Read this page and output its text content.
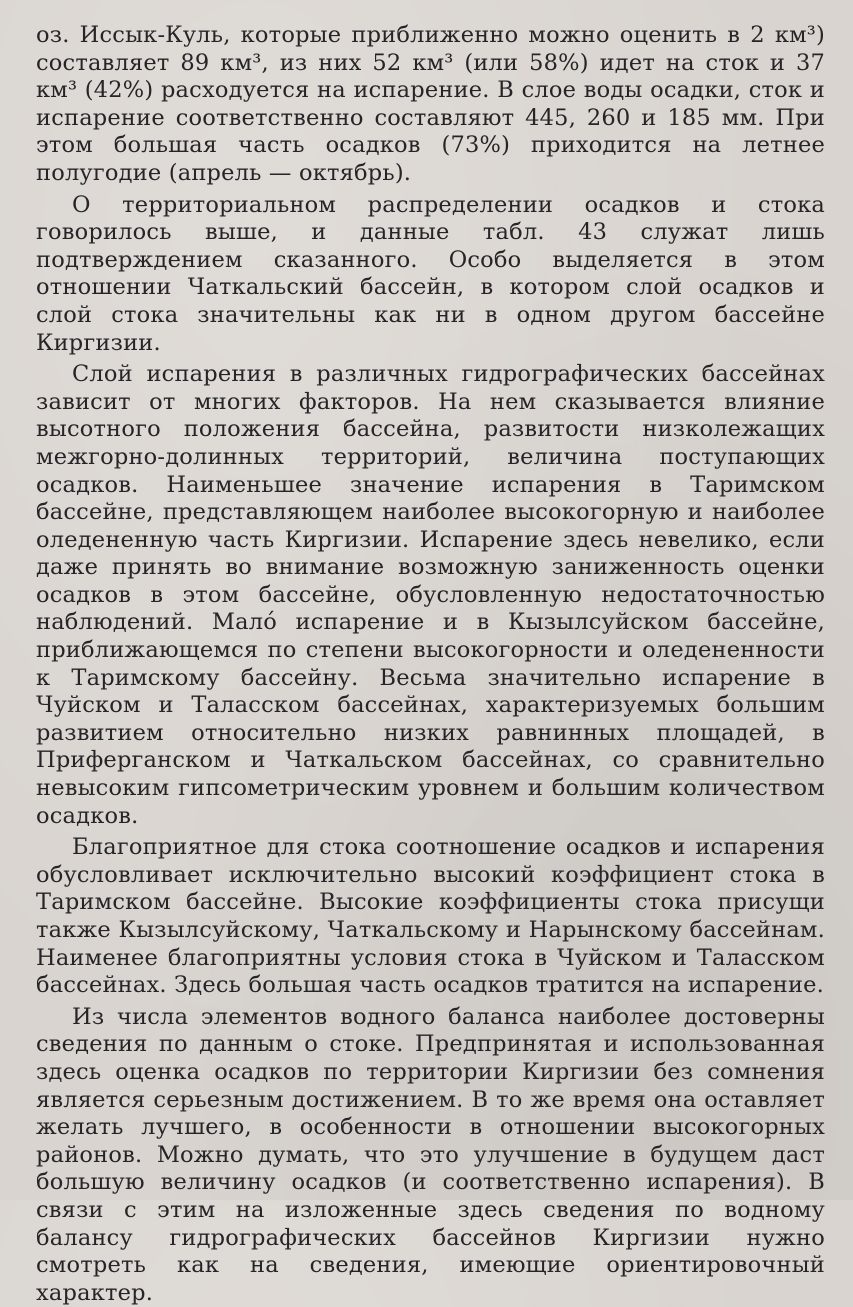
оз. Иссык-Куль, которые приближенно можно оценить в 2 км³) составляет 89 км³, из них 52 км³ (или 58%) идет на сток и 37 км³ (42%) расходуется на испарение. В слое воды осадки, сток и испарение соответственно составляют 445, 260 и 185 мм. При этом большая часть осадков (73%) приходится на летнее полугодие (апрель — октябрь).

О территориальном распределении осадков и стока говорилось выше, и данные табл. 43 служат лишь подтверждением сказанного. Особо выделяется в этом отношении Чаткальский бассейн, в котором слой осадков и слой стока значительны как ни в одном другом бассейне Киргизии.

Слой испарения в различных гидрографических бассейнах зависит от многих факторов. На нем сказывается влияние высотного положения бассейна, развитости низколежащих межгорно-долинных территорий, величина поступающих осадков. Наименьшее значение испарения в Таримском бассейне, представляющем наиболее высокогорную и наиболее оледененную часть Киргизии. Испарение здесь невелико, если даже принять во внимание возможную заниженность оценки осадков в этом бассейне, обусловленную недостаточностью наблюдений. Мало́ испарение и в Кызылсуйском бассейне, приближающемся по степени высокогорности и оледененности к Таримскому бассейну. Весьма значительно испарение в Чуйском и Таласском бассейнах, характеризуемых большим развитием относительно низких равнинных площадей, в Приферганском и Чаткальском бассейнах, со сравнительно невысоким гипсометрическим уровнем и большим количеством осадков.

Благоприятное для стока соотношение осадков и испарения обусловливает исключительно высокий коэффициент стока в Таримском бассейне. Высокие коэффициенты стока присущи также Кызылсуйскому, Чаткальскому и Нарынскому бассейнам. Наименее благоприятны условия стока в Чуйском и Таласском бассейнах. Здесь большая часть осадков тратится на испарение.

Из числа элементов водного баланса наиболее достоверны сведения по данным о стоке. Предпринятая и использованная здесь оценка осадков по территории Киргизии без сомнения является серьезным достижением. В то же время она оставляет желать лучшего, в особенности в отношении высокогорных районов. Можно думать, что это улучшение в будущем даст большую величину осадков (и соответственно испарения). В связи с этим на изложенные здесь сведения по водному балансу гидрографических бассейнов Киргизии нужно смотреть как на сведения, имеющие ориентировочный характер.
